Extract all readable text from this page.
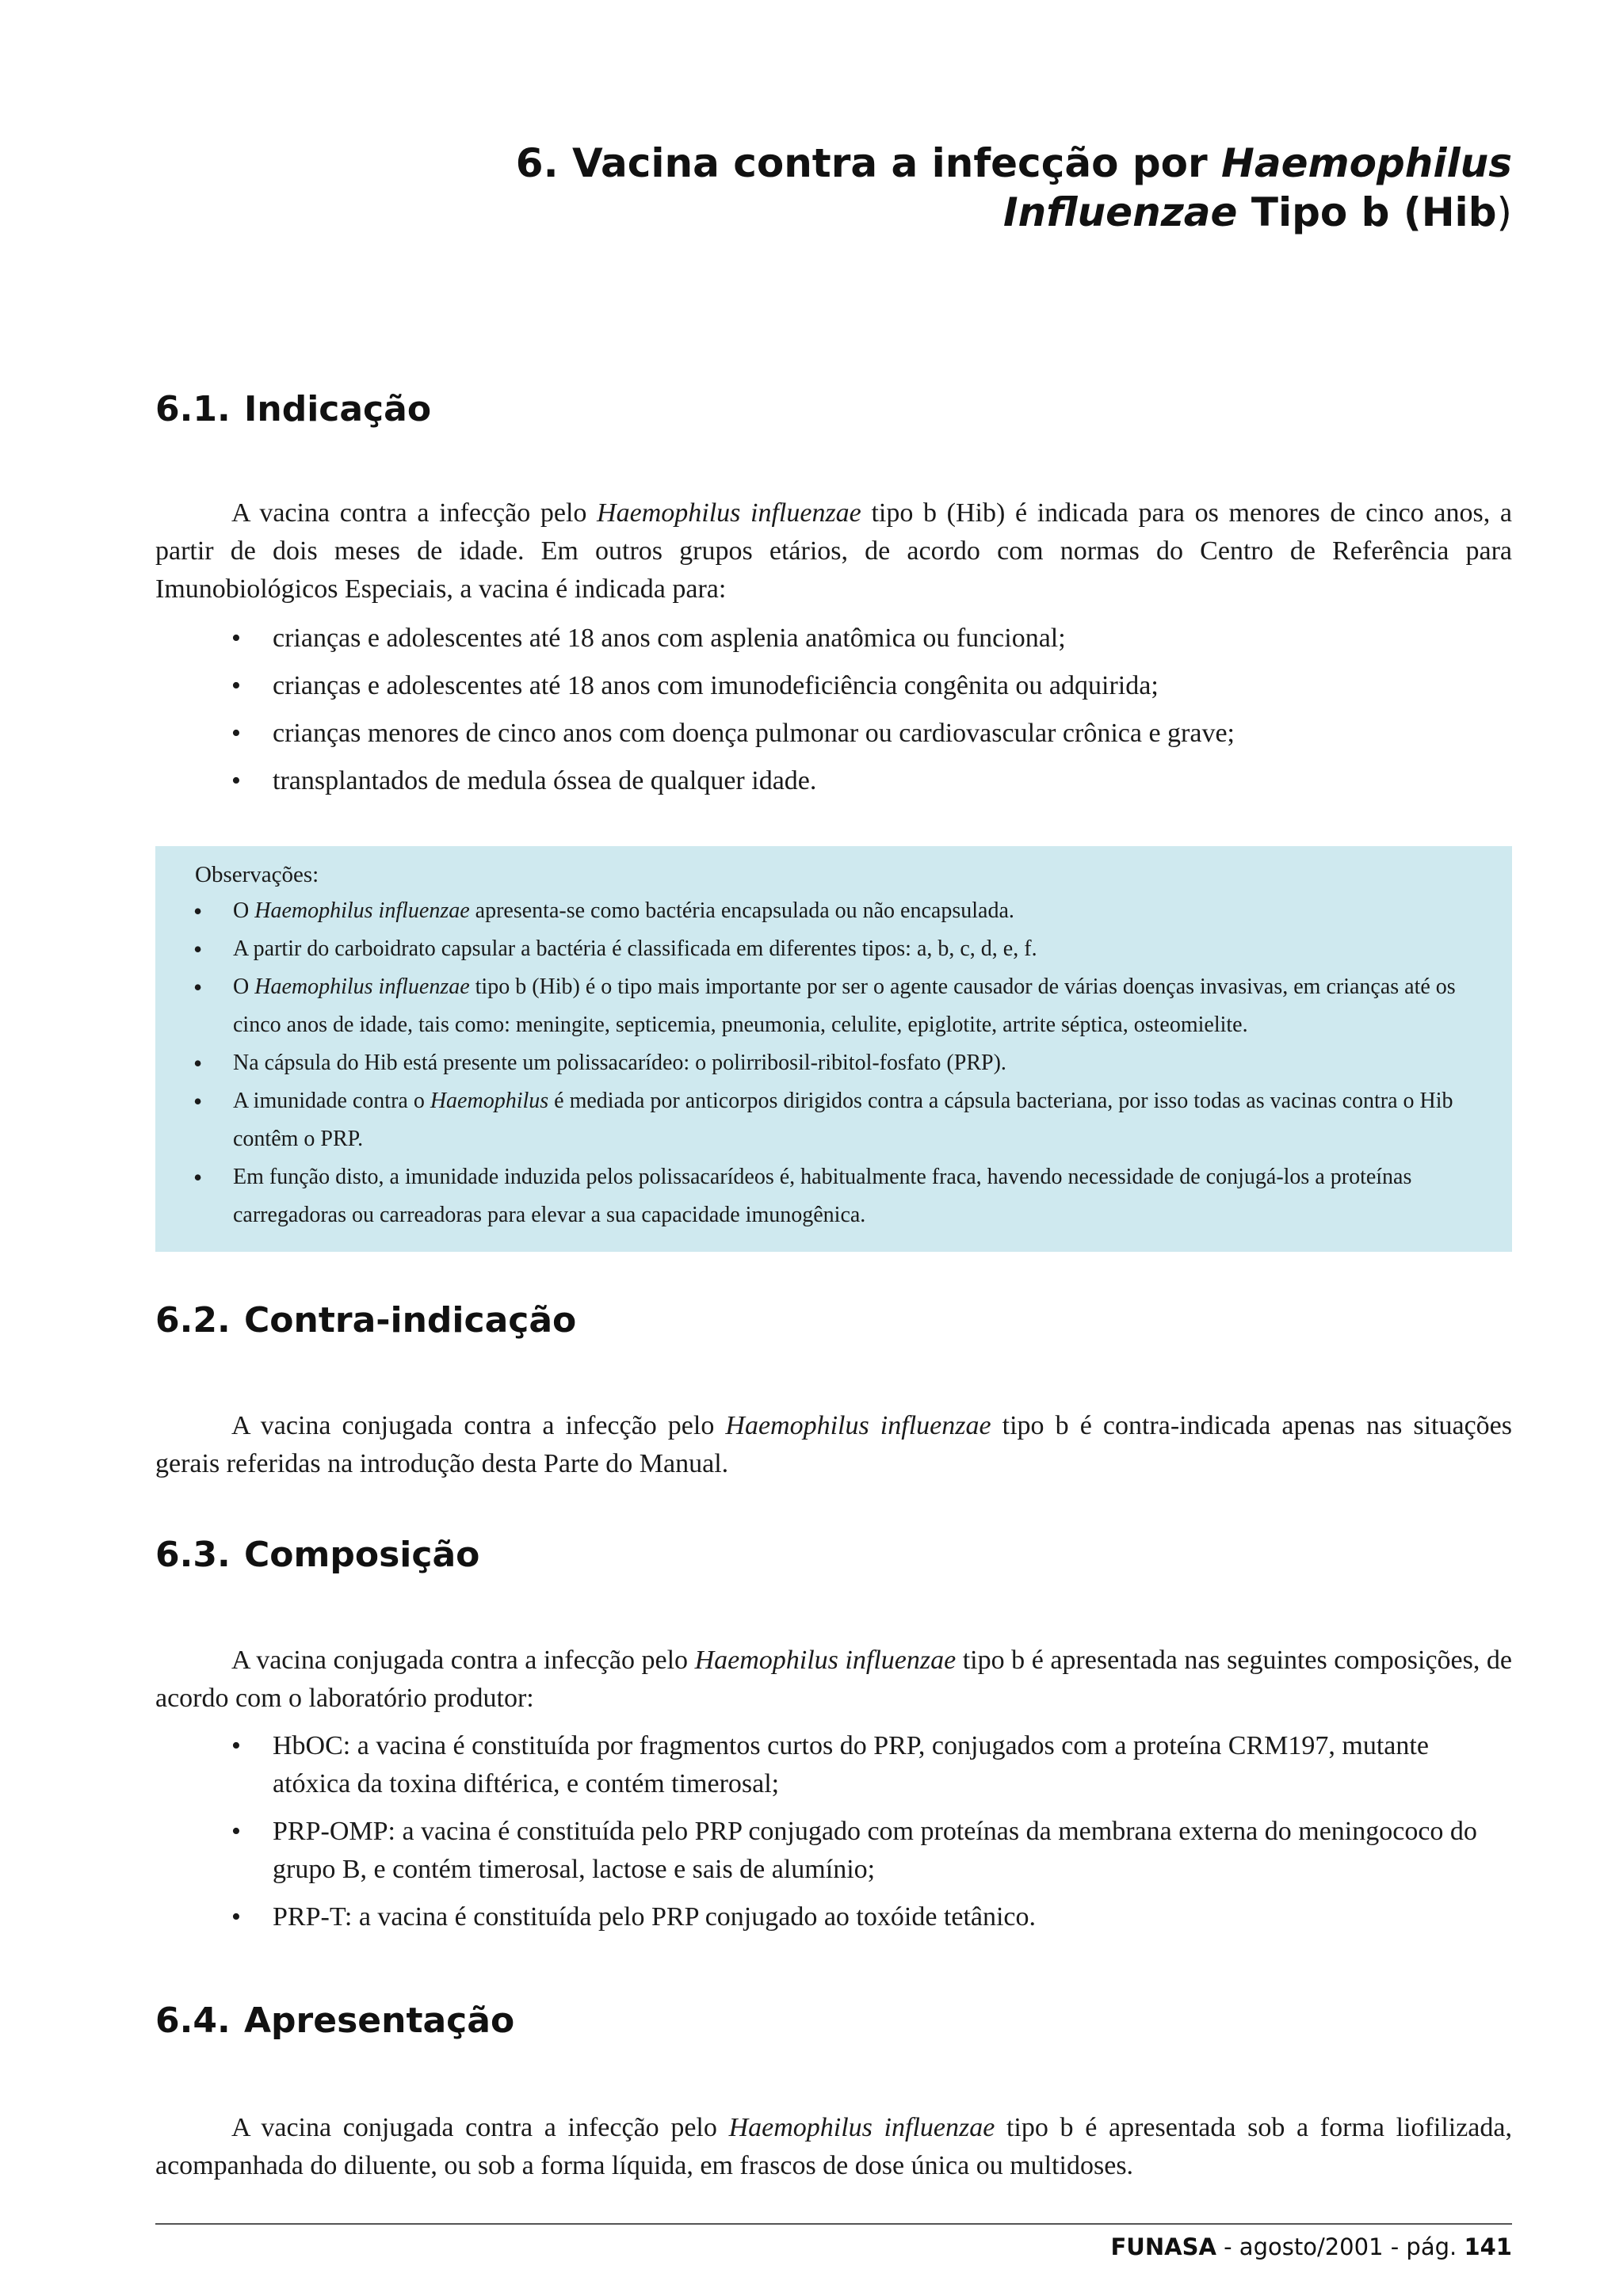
6. Vacina contra a infecção por Haemophilus
Influenzae Tipo b (Hib)
6.1. Indicação

A vacina contra a infecção pelo Haemophilus influenzae tipo b (Hib) é indicada para os menores de cinco anos, a partir de dois meses de idade. Em outros grupos etários, de acordo com normas do Centro de Referência para Imunobiológicos Especiais, a vacina é indicada para:

• crianças e adolescentes até 18 anos com asplenia anatômica ou funcional;
• crianças e adolescentes até 18 anos com imunodeficiência congênita ou adquirida;
• crianças menores de cinco anos com doença pulmonar ou cardiovascular crônica e grave;
• transplantados de medula óssea de qualquer idade.
Observações:
• O Haemophilus influenzae apresenta-se como bactéria encapsulada ou não encapsulada.
• A partir do carboidrato capsular a bactéria é classificada em diferentes tipos: a, b, c, d, e, f.
• O Haemophilus influenzae tipo b (Hib) é o tipo mais importante por ser o agente causador de várias doenças invasivas, em crianças até os cinco anos de idade, tais como: meningite, septicemia, pneumonia, celulite, epiglotite, artrite séptica, osteomielite.
• Na cápsula do Hib está presente um polissacarídeo: o polirribosil-ribitol-fosfato (PRP).
• A imunidade contra o Haemophilus é mediada por anticorpos dirigidos contra a cápsula bacteriana, por isso todas as vacinas contra o Hib contêm o PRP.
• Em função disto, a imunidade induzida pelos polissacarídeos é, habitualmente fraca, havendo necessidade de conjugá-los a proteínas carregadoras ou carreadoras para elevar a sua capacidade imunogênica.
6.2. Contra-indicação

A vacina conjugada contra a infecção pelo Haemophilus influenzae tipo b é contra-indicada apenas nas situações gerais referidas na introdução desta Parte do Manual.

6.3. Composição

A vacina conjugada contra a infecção pelo Haemophilus influenzae tipo b é apresentada nas seguintes composições, de acordo com o laboratório produtor:

• HbOC: a vacina é constituída por fragmentos curtos do PRP, conjugados com a proteína CRM197, mutante atóxica da toxina diftérica, e contém timerosal;
• PRP-OMP: a vacina é constituída pelo PRP conjugado com proteínas da membrana externa do meningococo do grupo B, e contém timerosal, lactose e sais de alumínio;
• PRP-T: a vacina é constituída pelo PRP conjugado ao toxóide tetânico.
6.4. Apresentação

A vacina conjugada contra a infecção pelo Haemophilus influenzae tipo b é apresentada sob a forma liofilizada, acompanhada do diluente, ou sob a forma líquida, em frascos de dose única ou multidoses.

FUNASA - agosto/2001 - pág. 141
